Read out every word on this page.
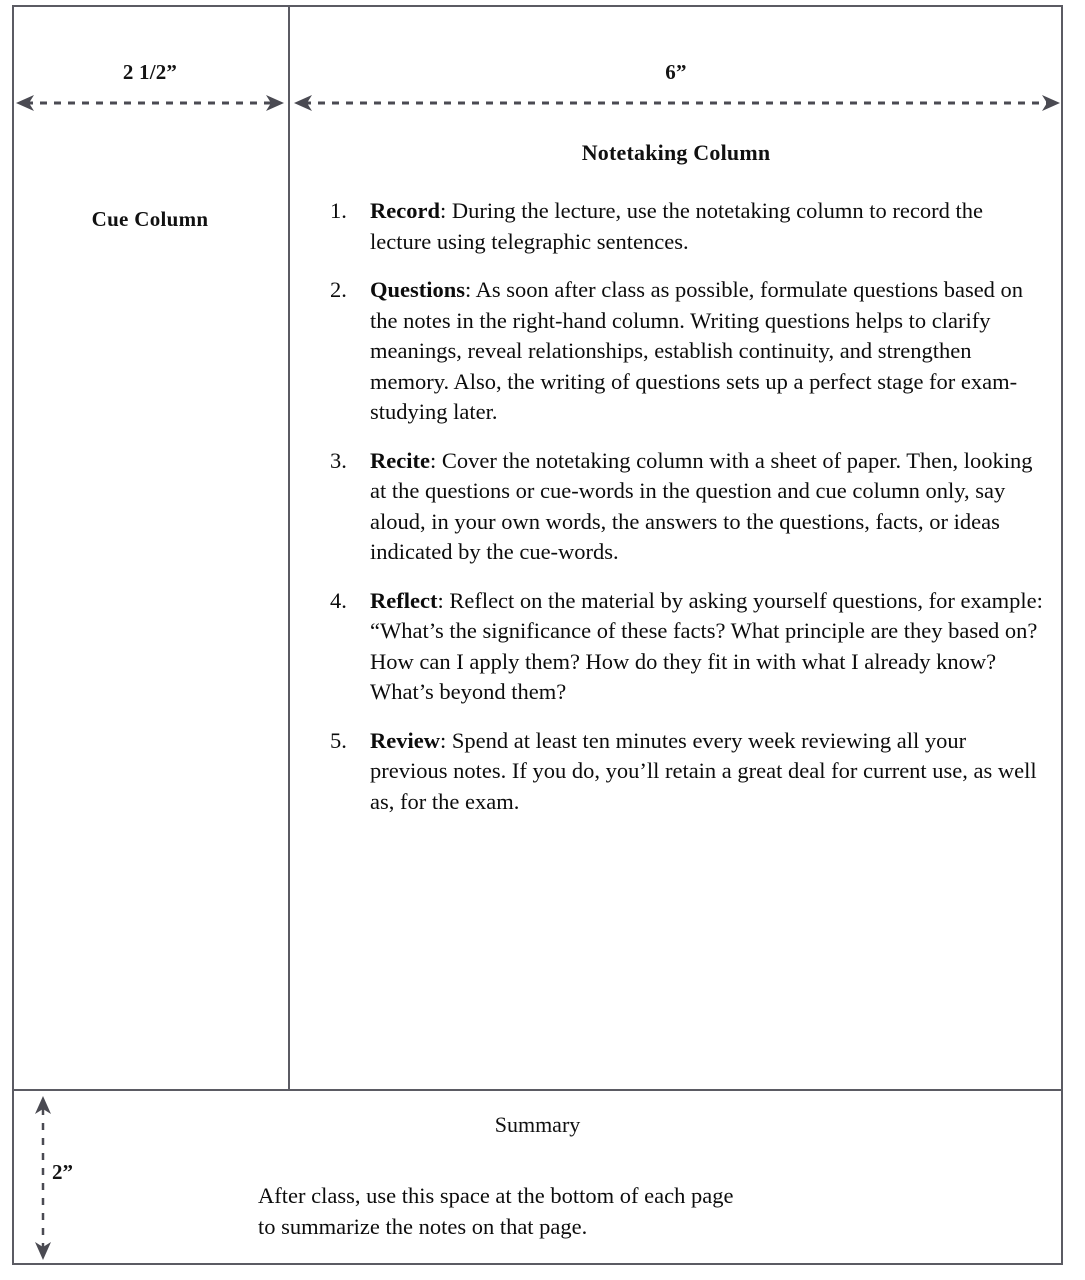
2 1/2”	6”
Cue Column
Notetaking Column
1.	Record: During the lecture, use the notetaking column to record the lecture using telegraphic sentences.
2.	Questions: As soon after class as possible, formulate questions based on the notes in the right-hand column. Writing questions helps to clarify meanings, reveal relationships, establish continuity, and strengthen memory. Also, the writing of questions sets up a perfect stage for exam-studying later.
3.	Recite: Cover the notetaking column with a sheet of paper. Then, looking at the questions or cue-words in the question and cue column only, say aloud, in your own words, the answers to the questions, facts, or ideas indicated by the cue-words.
4.	Reflect: Reflect on the material by asking yourself questions, for example: “What’s the significance of these facts? What principle are they based on? How can I apply them? How do they fit in with what I already know? What’s beyond them?
5.	Review: Spend at least ten minutes every week reviewing all your previous notes. If you do, you’ll retain a great deal for current use, as well as, for the exam.
2”
Summary
After class, use this space at the bottom of each page
to summarize the notes on that page.
